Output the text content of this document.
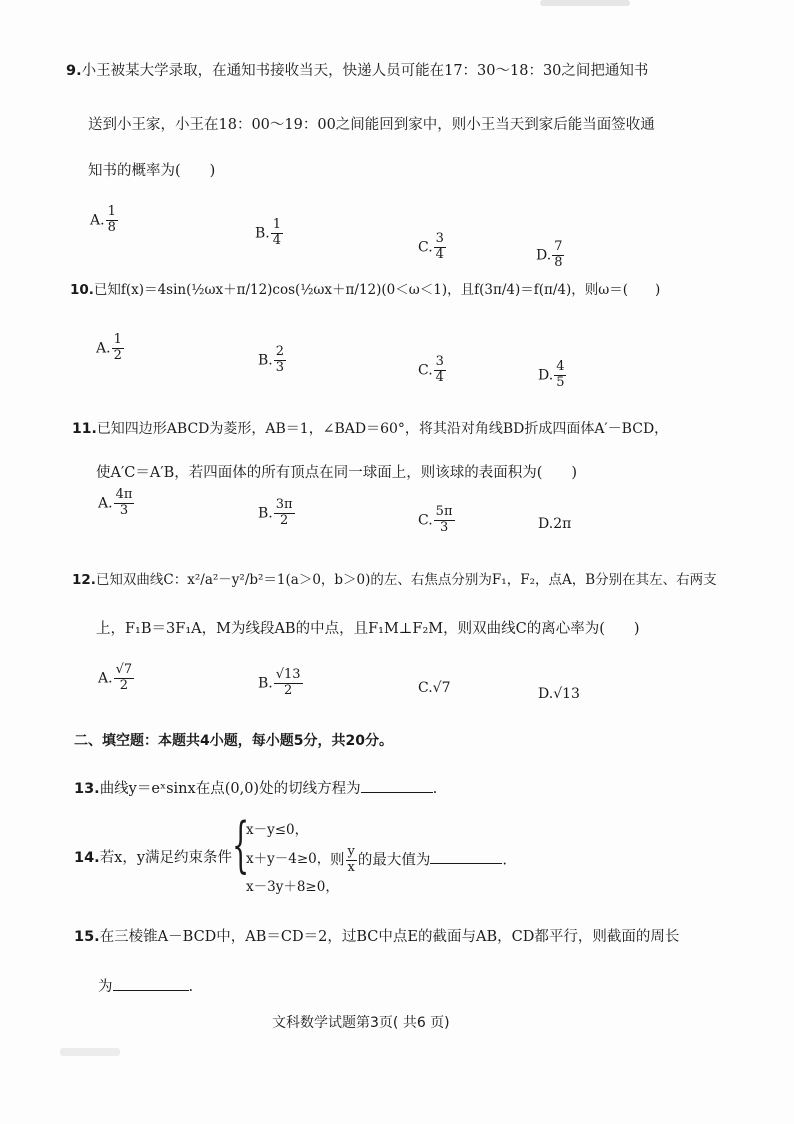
9.小王被某大学录取，在通知书接收当天，快递人员可能在17：30～18：30之间把通知书
送到小王家，小王在18：00～19：00之间能回到家中，则小王当天到家后能当面签收通
知书的概率为(　　)
A. $\frac{1}{8}$	B. $\frac{1}{4}$	C. $\frac{3}{4}$	D. $\frac{7}{8}$
10.已知f(x)＝4sin(½ωx＋π/12)cos(½ωx＋π/12)(0＜ω＜1)，且f(3π/4)＝f(π/4)，则ω＝(　　)
A. $\frac{1}{2}$	B. $\frac{2}{3}$	C. $\frac{3}{4}$	D. $\frac{4}{5}$
11.已知四边形ABCD为菱形，AB＝1，∠BAD＝60°，将其沿对角线BD折成四面体A′－BCD，
使A′C＝A′B，若四面体的所有顶点在同一球面上，则该球的表面积为(　　)
A. $\frac{4\pi}{3}$	B. $\frac{3\pi}{2}$	C. $\frac{5\pi}{3}$	D.2π
12.已知双曲线C：x²/a²－y²/b²＝1(a＞0，b＞0)的左、右焦点分别为F₁，F₂，点A，B分别在其左、右两支
上，F₁B＝3F₁A，M为线段AB的中点，且F₁M⊥F₂M，则双曲线C的离心率为(　　)
A. $\frac{√7}{2}$	B. $\frac{√13}{2}$	C.√7	D.√13
二、填空题：本题共4小题，每小题5分，共20分。
13.曲线y＝eˣsinx在点(0,0)处的切线方程为	.
14.若x，y满足约束条件 {
x－y≤0，
x＋y－4≥0，
x－3y＋8≥0，
则 $\frac{y}{x}$ 的最大值为	.
15.在三棱锥A－BCD中，AB＝CD＝2，过BC中点E的截面与AB，CD都平行，则截面的周长
为	.
文科数学试题第3页( 共6 页)
